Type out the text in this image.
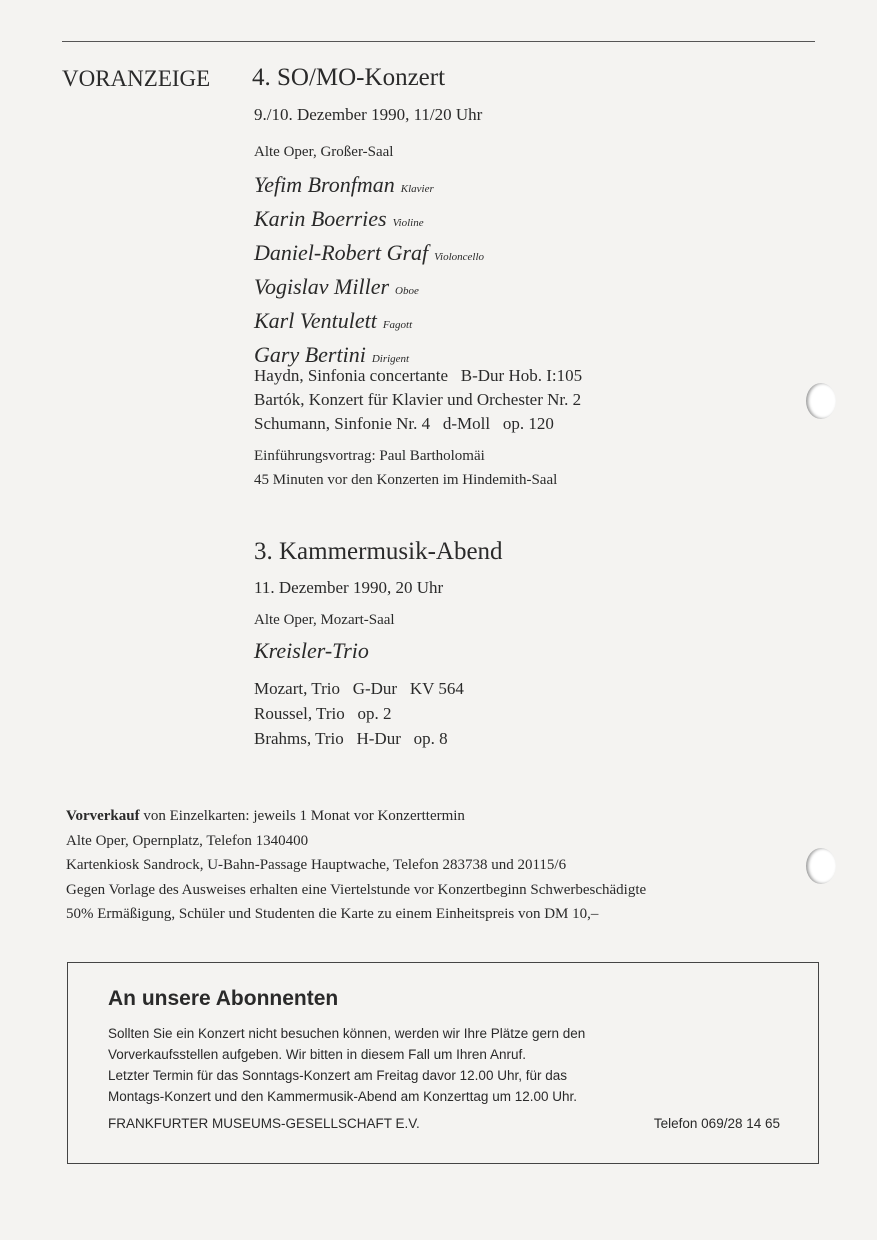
VORANZEIGE 4. SO/MO-Konzert
9./10. Dezember 1990, 11/20 Uhr
Alte Oper, Großer-Saal
Yefim Bronfman Klavier
Karin Boerries Violine
Daniel-Robert Graf Violoncello
Vogislav Miller Oboe
Karl Ventulett Fagott
Gary Bertini Dirigent
Haydn, Sinfonia concertante   B-Dur Hob. I:105
Bartók, Konzert für Klavier und Orchester Nr. 2
Schumann, Sinfonie Nr. 4   d-Moll   op. 120
Einführungsvortrag: Paul Bartholomäi
45 Minuten vor den Konzerten im Hindemith-Saal
3. Kammermusik-Abend
11. Dezember 1990, 20 Uhr
Alte Oper, Mozart-Saal
Kreisler-Trio
Mozart, Trio   G-Dur   KV 564
Roussel, Trio   op. 2
Brahms, Trio   H-Dur   op. 8
Vorverkauf von Einzelkarten: jeweils 1 Monat vor Konzerttermin
Alte Oper, Opernplatz, Telefon 1340400
Kartenkiosk Sandrock, U-Bahn-Passage Hauptwache, Telefon 283738 und 20115/6
Gegen Vorlage des Ausweises erhalten eine Viertelstunde vor Konzertbeginn Schwerbeschädigte
50% Ermäßigung, Schüler und Studenten die Karte zu einem Einheitspreis von DM 10,–
An unsere Abonnenten
Sollten Sie ein Konzert nicht besuchen können, werden wir Ihre Plätze gern den
Vorverkaufsstellen aufgeben. Wir bitten in diesem Fall um Ihren Anruf.
Letzter Termin für das Sonntags-Konzert am Freitag davor 12.00 Uhr, für das
Montags-Konzert und den Kammermusik-Abend am Konzerttag um 12.00 Uhr.
FRANKFURTER MUSEUMS-GESELLSCHAFT E.V.	Telefon 069/28 14 65
